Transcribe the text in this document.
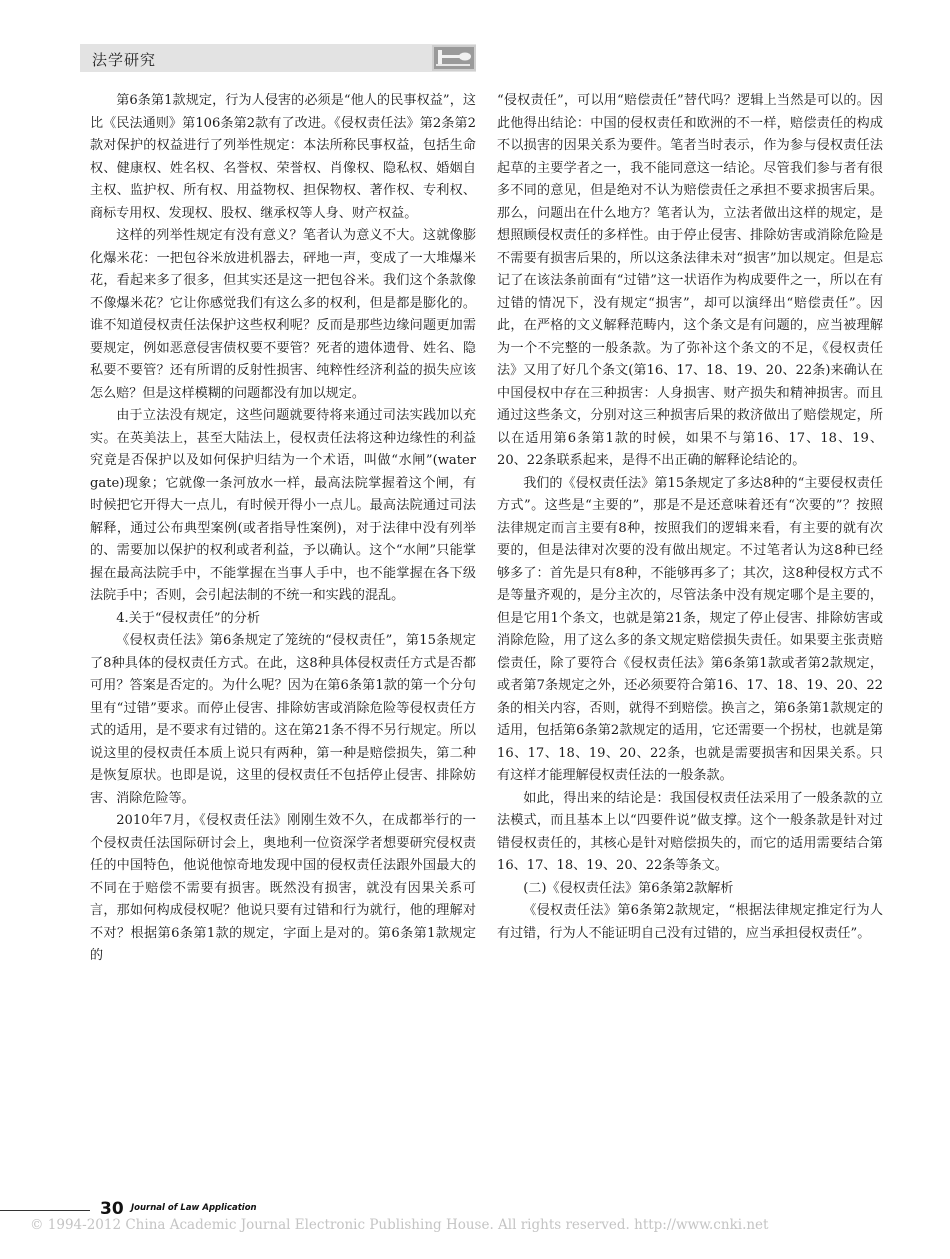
法学研究

第6条第1款规定，行为人侵害的必须是“他人的民事权益”，这比《民法通则》第106条第2款有了改进。《侵权责任法》第2条第2款对保护的权益进行了列举性规定：本法所称民事权益，包括生命权、健康权、姓名权、名誉权、荣誉权、肖像权、隐私权、婚姻自主权、监护权、所有权、用益物权、担保物权、著作权、专利权、商标专用权、发现权、股权、继承权等人身、财产权益。

这样的列举性规定有没有意义？笔者认为意义不大。这就像膨化爆米花：一把包谷米放进机器去，砰地一声，变成了一大堆爆米花，看起来多了很多，但其实还是这一把包谷米。我们这个条款像不像爆米花？它让你感觉我们有这么多的权利，但是都是膨化的。谁不知道侵权责任法保护这些权利呢？反而是那些边缘问题更加需要规定，例如恶意侵害债权要不要管？死者的遗体遗骨、姓名、隐私要不要管？还有所谓的反射性损害、纯粹性经济利益的损失应该怎么赔？但是这样模糊的问题都没有加以规定。

由于立法没有规定，这些问题就要待将来通过司法实践加以充实。在英美法上，甚至大陆法上，侵权责任法将这种边缘性的利益究竟是否保护以及如何保护归结为一个术语，叫做“水闸”(water gate)现象；它就像一条河放水一样，最高法院掌握着这个闸，有时候把它开得大一点儿，有时候开得小一点儿。最高法院通过司法解释，通过公布典型案例(或者指导性案例)，对于法律中没有列举的、需要加以保护的权利或者利益，予以确认。这个“水闸”只能掌握在最高法院手中，不能掌握在当事人手中，也不能掌握在各下级法院手中；否则，会引起法制的不统一和实践的混乱。

4.关于“侵权责任”的分析

《侵权责任法》第6条规定了笼统的“侵权责任”，第15条规定了8种具体的侵权责任方式。在此，这8种具体侵权责任方式是否都可用？答案是否定的。为什么呢？因为在第6条第1款的第一个分句里有“过错”要求。而停止侵害、排除妨害或消除危险等侵权责任方式的适用，是不要求有过错的。这在第21条不得不另行规定。所以说这里的侵权责任本质上说只有两种，第一种是赔偿损失，第二种是恢复原状。也即是说，这里的侵权责任不包括停止侵害、排除妨害、消除危险等。

2010年7月，《侵权责任法》刚刚生效不久，在成都举行的一个侵权责任法国际研讨会上，奥地利一位资深学者想要研究侵权责任的中国特色，他说他惊奇地发现中国的侵权责任法跟外国最大的不同在于赔偿不需要有损害。既然没有损害，就没有因果关系可言，那如何构成侵权呢？他说只要有过错和行为就行，他的理解对不对？根据第6条第1款的规定，字面上是对的。第6条第1款规定的

“侵权责任”，可以用“赔偿责任”替代吗？逻辑上当然是可以的。因此他得出结论：中国的侵权责任和欧洲的不一样，赔偿责任的构成不以损害的因果关系为要件。笔者当时表示，作为参与侵权责任法起草的主要学者之一，我不能同意这一结论。尽管我们参与者有很多不同的意见，但是绝对不认为赔偿责任之承担不要求损害后果。那么，问题出在什么地方？笔者认为，立法者做出这样的规定，是想照顾侵权责任的多样性。由于停止侵害、排除妨害或消除危险是不需要有损害后果的，所以这条法律未对“损害”加以规定。但是忘记了在该法条前面有“过错”这一状语作为构成要件之一，所以在有过错的情况下，没有规定“损害”，却可以演绎出“赔偿责任”。因此，在严格的文义解释范畴内，这个条文是有问题的，应当被理解为一个不完整的一般条款。为了弥补这个条文的不足，《侵权责任法》又用了好几个条文(第16、17、18、19、20、22条)来确认在中国侵权中存在三种损害：人身损害、财产损失和精神损害。而且通过这些条文，分别对这三种损害后果的救济做出了赔偿规定，所以在适用第6条第1款的时候，如果不与第16、17、18、19、20、22条联系起来，是得不出正确的解释论结论的。

我们的《侵权责任法》第15条规定了多达8种的“主要侵权责任方式”。这些是“主要的”，那是不是还意味着还有“次要的”？按照法律规定而言主要有8种，按照我们的逻辑来看，有主要的就有次要的，但是法律对次要的没有做出规定。不过笔者认为这8种已经够多了：首先是只有8种，不能够再多了；其次，这8种侵权方式不是等量齐观的，是分主次的，尽管法条中没有规定哪个是主要的，但是它用1个条文，也就是第21条，规定了停止侵害、排除妨害或消除危险，用了这么多的条文规定赔偿损失责任。如果要主张责赔偿责任，除了要符合《侵权责任法》第6条第1款或者第2款规定，或者第7条规定之外，还必须要符合第16、17、18、19、20、22条的相关内容，否则，就得不到赔偿。换言之，第6条第1款规定的适用，包括第6条第2款规定的适用，它还需要一个拐杖，也就是第16、17、18、19、20、22条，也就是需要损害和因果关系。只有这样才能理解侵权责任法的一般条款。

如此，得出来的结论是：我国侵权责任法采用了一般条款的立法模式，而且基本上以“四要件说”做支撑。这个一般条款是针对过错侵权责任的，其核心是针对赔偿损失的，而它的适用需要结合第16、17、18、19、20、22条等条文。

(二)《侵权责任法》第6条第2款解析

《侵权责任法》第6条第2款规定，“根据法律规定推定行为人有过错，行为人不能证明自己没有过错的，应当承担侵权责任”。

30 Journal of Law Application
© 1994-2012 China Academic Journal Electronic Publishing House. All rights reserved. http://www.cnki.net
